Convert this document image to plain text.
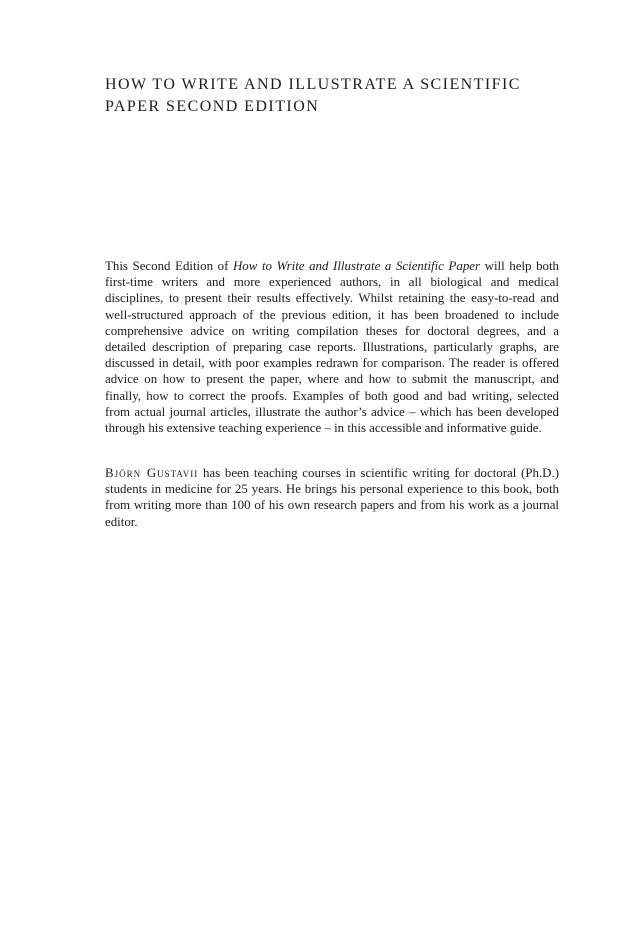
HOW TO WRITE AND ILLUSTRATE A SCIENTIFIC PAPER SECOND EDITION

This Second Edition of How to Write and Illustrate a Scientific Paper will help both first-time writers and more experienced authors, in all biological and medical disciplines, to present their results effectively. Whilst retaining the easy-to-read and well-structured approach of the previous edition, it has been broadened to include comprehensive advice on writing compilation theses for doctoral degrees, and a detailed description of preparing case reports. Illustrations, particularly graphs, are discussed in detail, with poor examples redrawn for comparison. The reader is offered advice on how to present the paper, where and how to submit the manuscript, and finally, how to correct the proofs. Examples of both good and bad writing, selected from actual journal articles, illustrate the author’s advice – which has been developed through his extensive teaching experience – in this accessible and informative guide.

Björn Gustavii has been teaching courses in scientific writing for doctoral (Ph.D.) students in medicine for 25 years. He brings his personal experience to this book, both from writing more than 100 of his own research papers and from his work as a journal editor.
